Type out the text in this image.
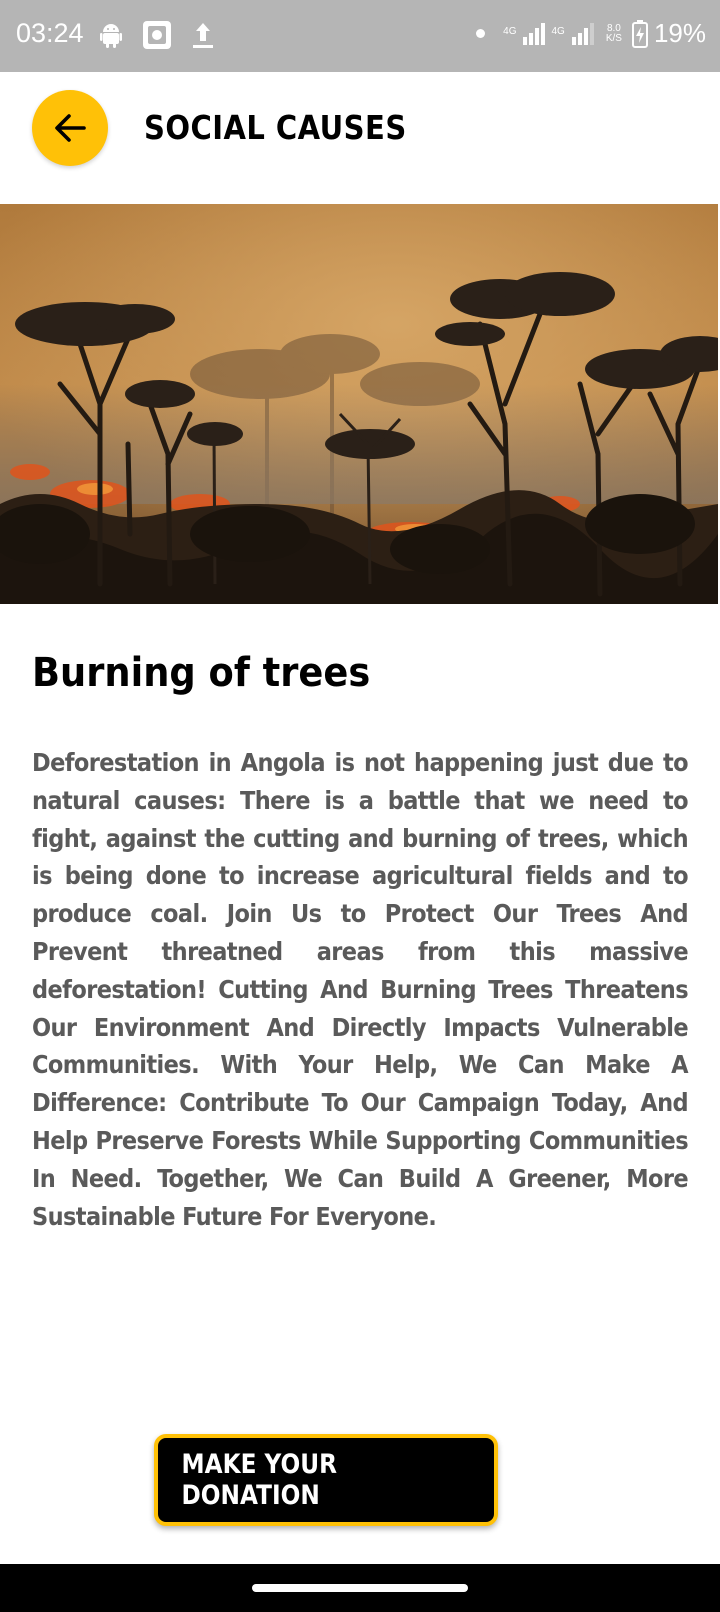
03:24	4G	4G	8.0
K/S 19%
SOCIAL CAUSES
Burning of trees

Deforestation in Angola is not happening just due to natural causes: There is a battle that we need to fight, against the cutting and burning of trees, which is being done to increase agricultural fields and to produce coal. Join Us to Protect Our Trees And Prevent threatned areas from this massive deforestation! Cutting And Burning Trees Threatens Our Environment And Directly Impacts Vulnerable Communities. With Your Help, We Can Make A Difference: Contribute To Our Campaign Today, And Help Preserve Forests While Supporting Communities In Need. Together, We Can Build A Greener, More Sustainable Future For Everyone.

MAKE YOUR DONATION
